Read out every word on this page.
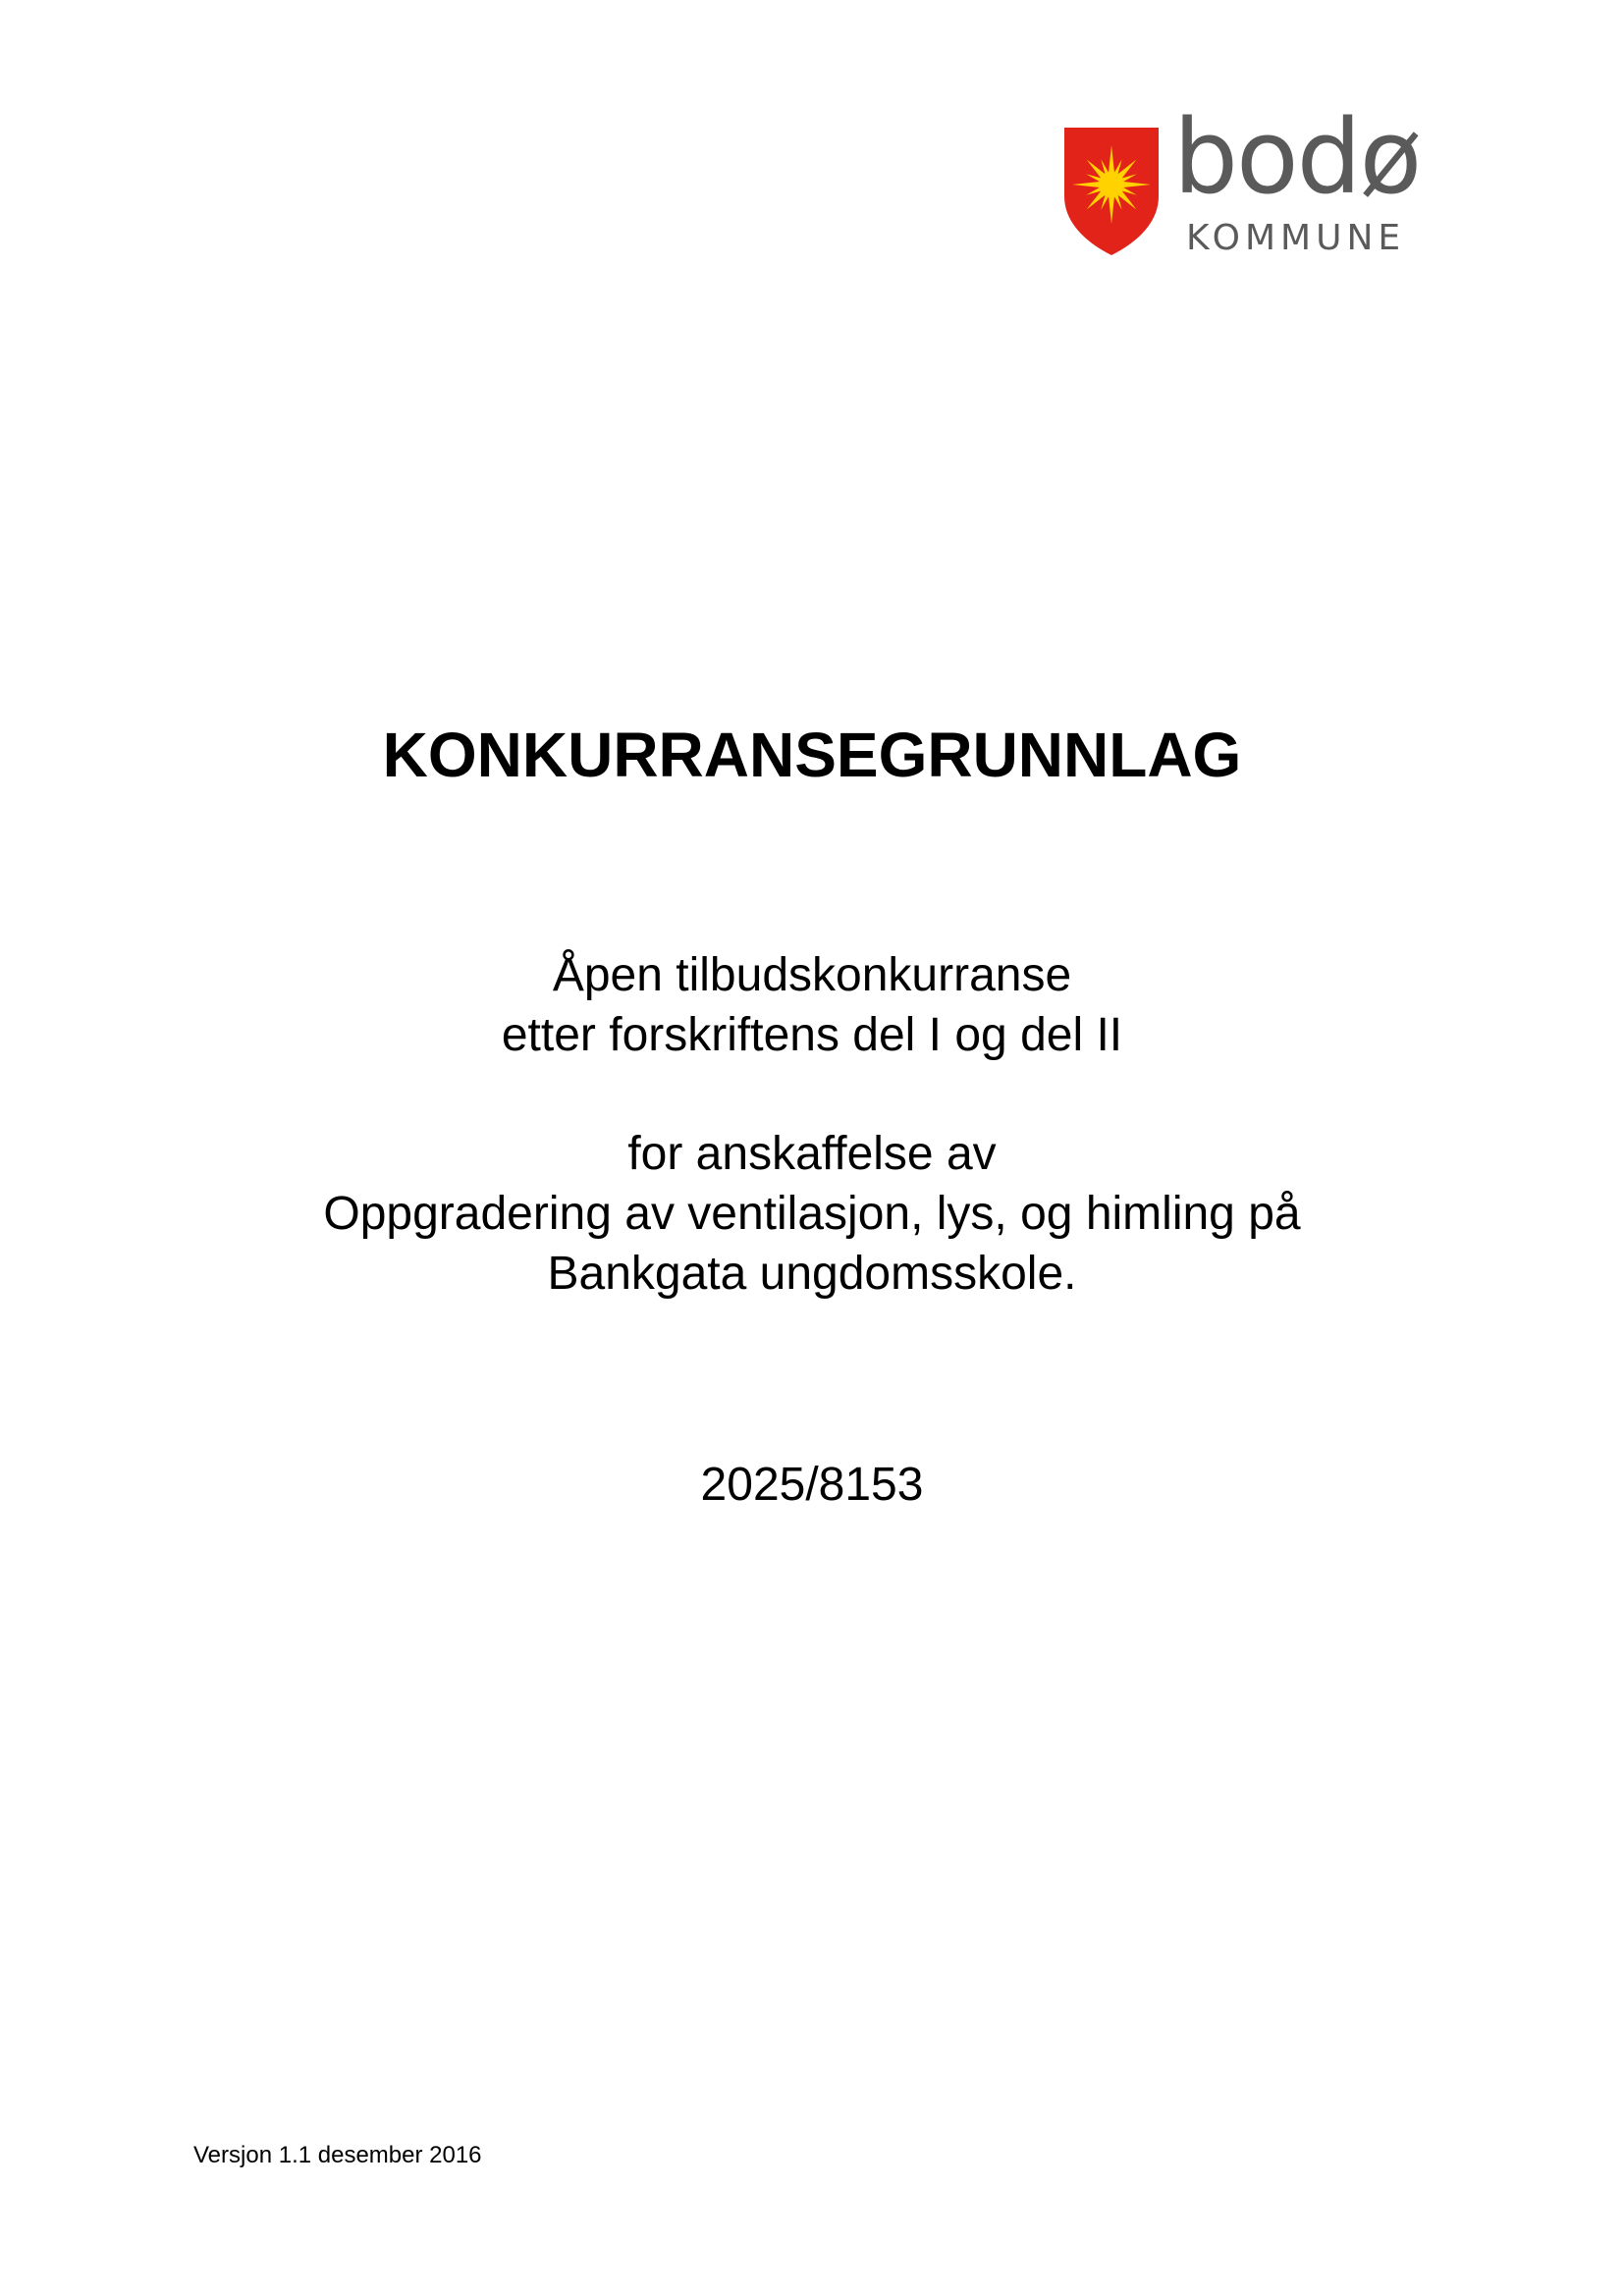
bodø
KOMMUNE
KONKURRANSEGRUNNLAG
Åpen tilbudskonkurranse
etter forskriftens del I og del II
for anskaffelse av
Oppgradering av ventilasjon, lys, og himling på
Bankgata ungdomsskole.
2025/8153
Versjon 1.1 desember 2016
